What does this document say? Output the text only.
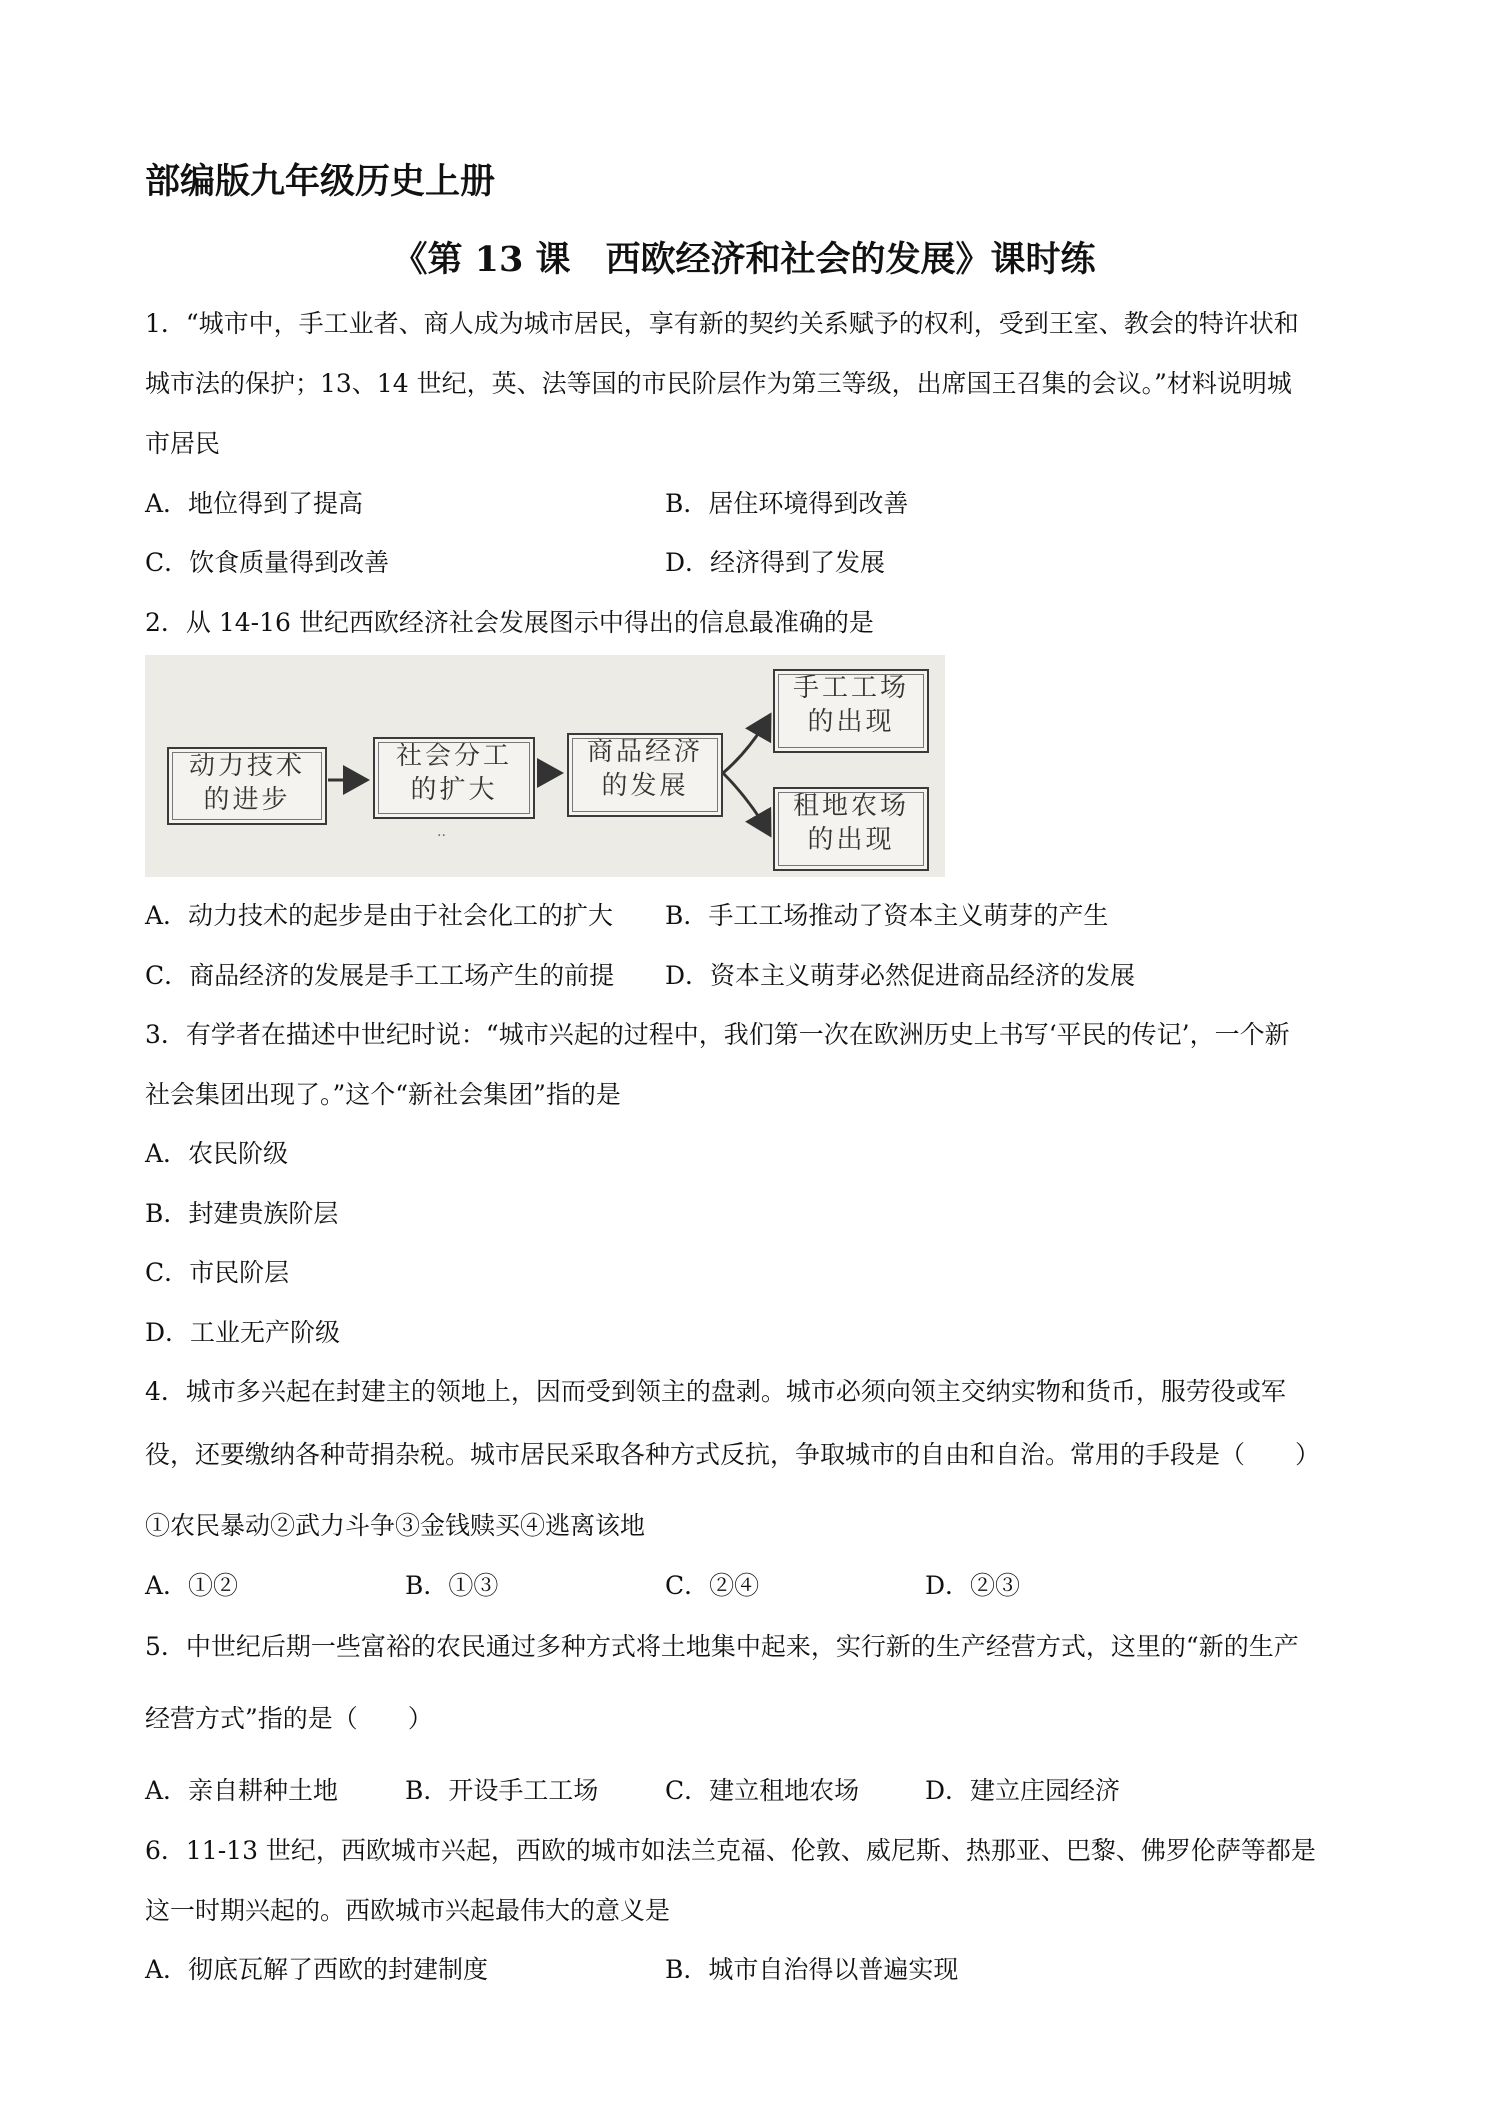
部编版九年级历史上册
《第 13 课　西欧经济和社会的发展》课时练
1．“城市中，手工业者、商人成为城市居民，享有新的契约关系赋予的权利，受到王室、教会的特许状和
城市法的保护；13、14 世纪，英、法等国的市民阶层作为第三等级，出席国王召集的会议。”材料说明城
市居民
A．地位得到了提高	B．居住环境得到改善
C．饮食质量得到改善	D．经济得到了发展
2．从 14-16 世纪西欧经济社会发展图示中得出的信息最准确的是
··
动力技术
的进步
社会分工
的扩大
商品经济
的发展
手工工场
的出现
租地农场
的出现
A．动力技术的起步是由于社会化工的扩大 B．手工工场推动了资本主义萌芽的产生
C．商品经济的发展是手工工场产生的前提 D．资本主义萌芽必然促进商品经济的发展
3．有学者在描述中世纪时说：“城市兴起的过程中，我们第一次在欧洲历史上书写‘平民的传记’，一个新
社会集团出现了。”这个“新社会集团”指的是
A．农民阶级
B．封建贵族阶层
C．市民阶层
D．工业无产阶级
4．城市多兴起在封建主的领地上，因而受到领主的盘剥。城市必须向领主交纳实物和货币，服劳役或军
役，还要缴纳各种苛捐杂税。城市居民采取各种方式反抗，争取城市的自由和自治。常用的手段是（　　）
①农民暴动②武力斗争③金钱赎买④逃离该地
A．①②	B．①③	C．②④	D．②③
5．中世纪后期一些富裕的农民通过多种方式将土地集中起来，实行新的生产经营方式，这里的“新的生产
经营方式”指的是（　　）
A．亲自耕种土地	B．开设手工工场	C．建立租地农场	D．建立庄园经济
6．11-13 世纪，西欧城市兴起，西欧的城市如法兰克福、伦敦、威尼斯、热那亚、巴黎、佛罗伦萨等都是
这一时期兴起的。西欧城市兴起最伟大的意义是
A．彻底瓦解了西欧的封建制度	B．城市自治得以普遍实现
